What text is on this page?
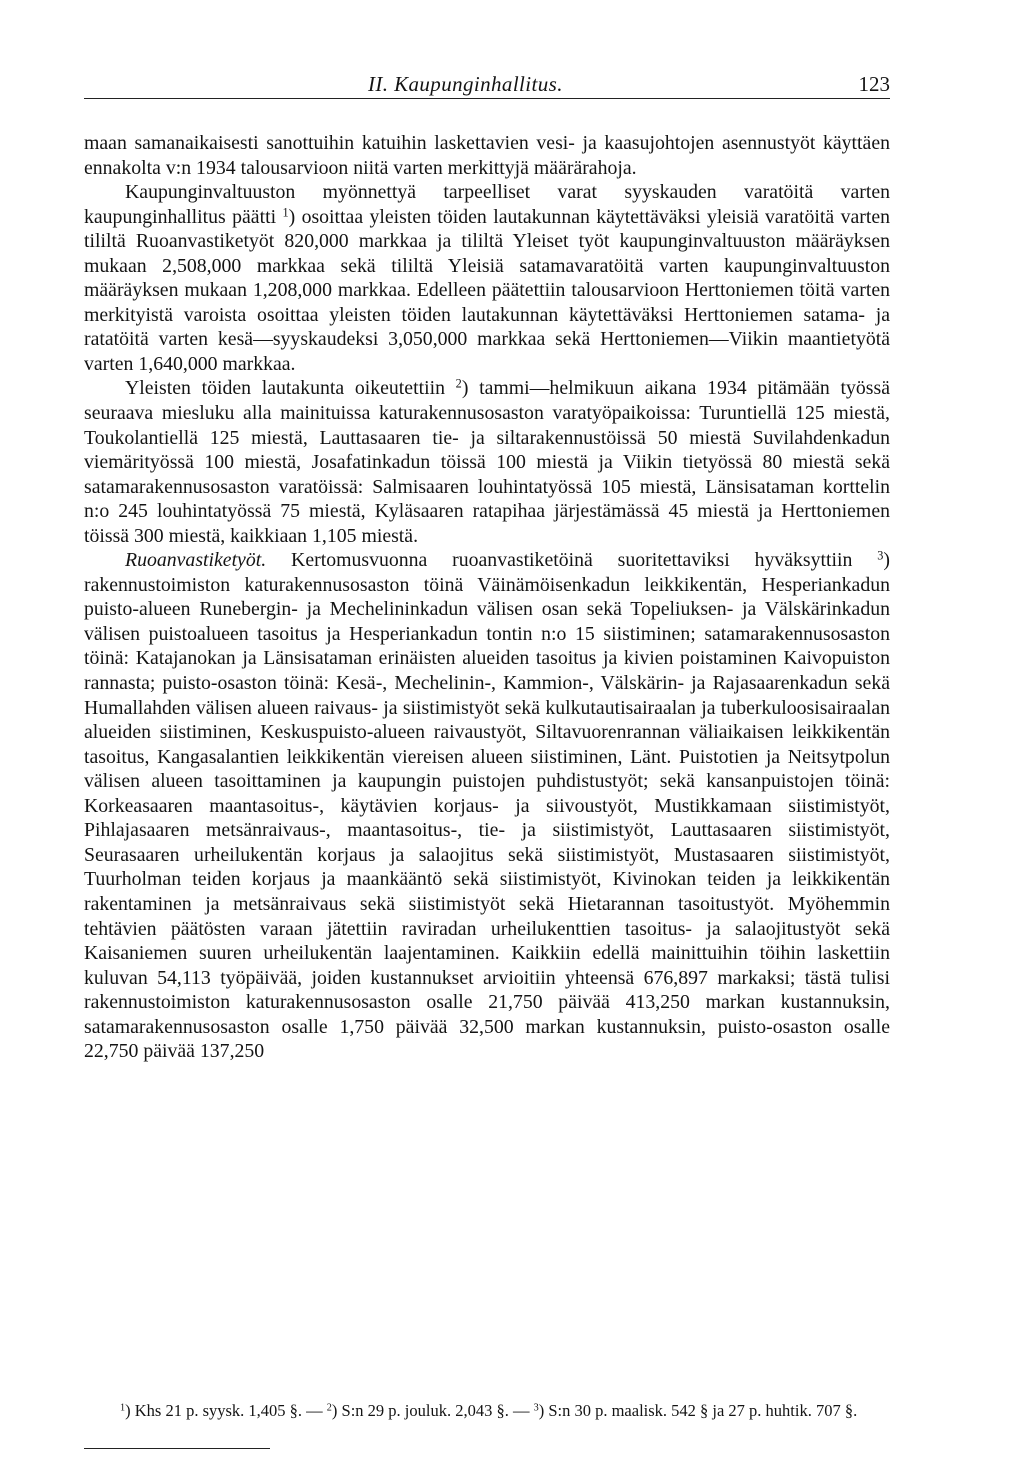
II. Kaupunginhallitus.	123

maan samanaikaisesti sanottuihin katuihin laskettavien vesi- ja kaasujohtojen asennustyöt käyttäen ennakolta v:n 1934 talousarvioon niitä varten merkittyjä määrärahoja.

Kaupunginvaltuuston myönnettyä tarpeelliset varat syyskauden varatöitä varten kaupunginhallitus päätti $^1$) osoittaa yleisten töiden lautakunnan käytettäväksi yleisiä varatöitä varten tililtä Ruoanvastiketyöt 820,000 markkaa ja tililtä Yleiset työt kaupunginvaltuuston määräyksen mukaan 2,508,000 markkaa sekä tililtä Yleisiä satamavaratöitä varten kaupunginvaltuuston määräyksen mukaan 1,208,000 markkaa. Edelleen päätettiin talousarvioon Herttoniemen töitä varten merkityistä varoista osoittaa yleisten töiden lautakunnan käytettäväksi Herttoniemen satama- ja ratatöitä varten kesä—syyskaudeksi 3,050,000 markkaa sekä Herttoniemen—Viikin maantietyötä varten 1,640,000 markkaa.

Yleisten töiden lautakunta oikeutettiin $^2$) tammi—helmikuun aikana 1934 pitämään työssä seuraava miesluku alla mainituissa katurakennusosaston varatyöpaikoissa: Turuntiellä 125 miestä, Toukolantiellä 125 miestä, Lauttasaaren tie- ja siltarakennustöissä 50 miestä Suvilahdenkadun viemärityössä 100 miestä, Josafatinkadun töissä 100 miestä ja Viikin tietyössä 80 miestä sekä satamarakennusosaston varatöissä: Salmisaaren louhintatyössä 105 miestä, Länsisataman korttelin n:o 245 louhintatyössä 75 miestä, Kyläsaaren ratapihaa järjestämässä 45 miestä ja Herttoniemen töissä 300 miestä, kaikkiaan 1,105 miestä.

Ruoanvastiketyöt. Kertomusvuonna ruoanvastiketöinä suoritettaviksi hyväksyttiin $^3$) rakennustoimiston katurakennusosaston töinä Väinämöisenkadun leikkikentän, Hesperiankadun puisto-alueen Runebergin- ja Mechelininkadun välisen osan sekä Topeliuksen- ja Välskärinkadun välisen puistoalueen tasoitus ja Hesperiankadun tontin n:o 15 siistiminen; satamarakennusosaston töinä: Katajanokan ja Länsisataman erinäisten alueiden tasoitus ja kivien poistaminen Kaivopuiston rannasta; puisto-osaston töinä: Kesä-, Mechelinin-, Kammion-, Välskärin- ja Rajasaarenkadun sekä Humallahden välisen alueen raivaus- ja siistimistyöt sekä kulkutautisairaalan ja tuberkuloosisairaalan alueiden siistiminen, Keskuspuisto-alueen raivaustyöt, Siltavuorenrannan väliaikaisen leikkikentän tasoitus, Kangasalantien leikkikentän viereisen alueen siistiminen, Länt. Puistotien ja Neitsytpolun välisen alueen tasoittaminen ja kaupungin puistojen puhdistustyöt; sekä kansanpuistojen töinä: Korkeasaaren maantasoitus-, käytävien korjaus- ja siivoustyöt, Mustikkamaan siistimistyöt, Pihlajasaaren metsänraivaus-, maantasoitus-, tie- ja siistimistyöt, Lauttasaaren siistimistyöt, Seurasaaren urheilukentän korjaus ja salaojitus sekä siistimistyöt, Mustasaaren siistimistyöt, Tuurholman teiden korjaus ja maankääntö sekä siistimistyöt, Kivinokan teiden ja leikkikentän rakentaminen ja metsänraivaus sekä siistimistyöt sekä Hietarannan tasoitustyöt. Myöhemmin tehtävien päätösten varaan jätettiin raviradan urheilukenttien tasoitus- ja salaojitustyöt sekä Kaisaniemen suuren urheilukentän laajentaminen. Kaikkiin edellä mainittuihin töihin laskettiin kuluvan 54,113 työpäivää, joiden kustannukset arvioitiin yhteensä 676,897 markaksi; tästä tulisi rakennustoimiston katurakennusosaston osalle 21,750 päivää 413,250 markan kustannuksin, satamarakennusosaston osalle 1,750 päivää 32,500 markan kustannuksin, puisto-osaston osalle 22,750 päivää 137,250

$^1$) Khs 21 p. syysk. 1,405 §. — $^2$) S:n 29 p. jouluk. 2,043 §. — $^3$) S:n 30 p. maalisk. 542 § ja 27 p. huhtik. 707 §.
